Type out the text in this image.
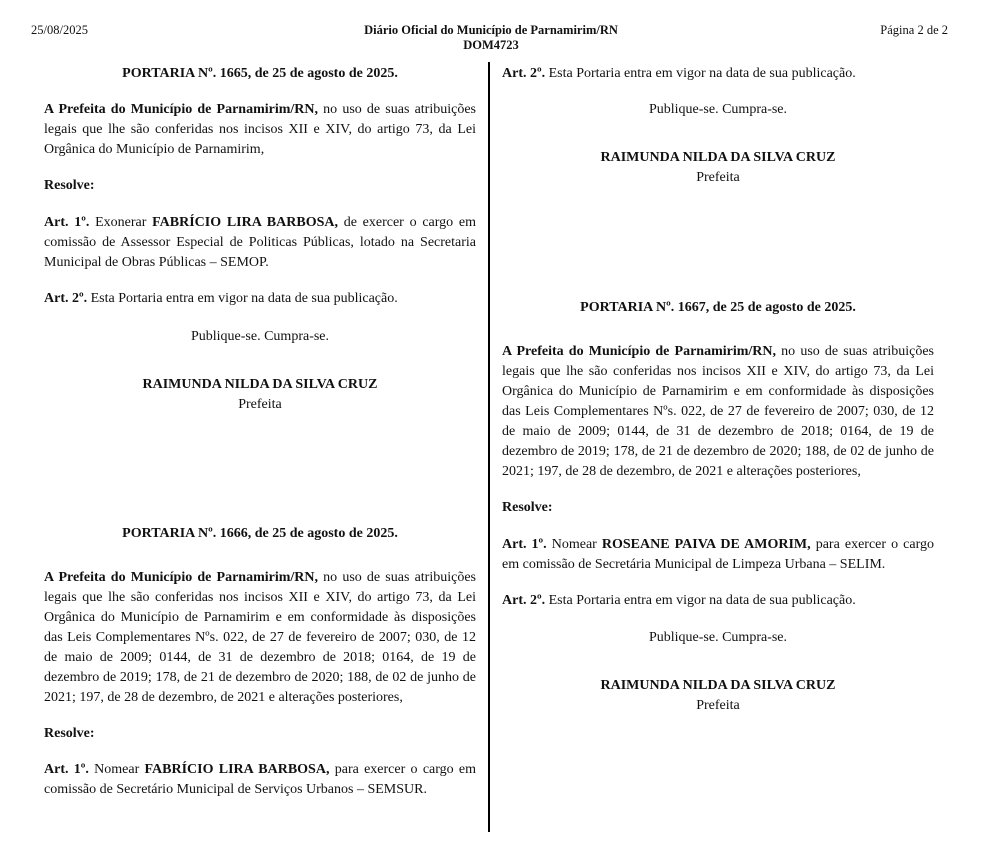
25/08/2025	Diário Oficial do Município de Parnamirim/RN
DOM4723
Página 2 de 2
PORTARIA Nº. 1665, de 25 de agosto de 2025.
A Prefeita do Município de Parnamirim/RN, no uso de suas atribuições legais que lhe são conferidas nos incisos XII e XIV, do artigo 73, da Lei Orgânica do Município de Parnamirim,
Resolve:
Art. 1º. Exonerar FABRÍCIO LIRA BARBOSA, de exercer o cargo em comissão de Assessor Especial de Politicas Públicas, lotado na Secretaria Municipal de Obras Públicas – SEMOP.
Art. 2º. Esta Portaria entra em vigor na data de sua publicação.
Publique-se. Cumpra-se.
RAIMUNDA NILDA DA SILVA CRUZ
Prefeita
PORTARIA Nº. 1666, de 25 de agosto de 2025.
A Prefeita do Município de Parnamirim/RN, no uso de suas atribuições legais que lhe são conferidas nos incisos XII e XIV, do artigo 73, da Lei Orgânica do Município de Parnamirim e em conformidade às disposições das Leis Complementares Nºs. 022, de 27 de fevereiro de 2007; 030, de 12 de maio de 2009; 0144, de 31 de dezembro de 2018; 0164, de 19 de dezembro de 2019; 178, de 21 de dezembro de 2020; 188, de 02 de junho de 2021; 197, de 28 de dezembro, de 2021 e alterações posteriores,
Resolve:
Art. 1º. Nomear FABRÍCIO LIRA BARBOSA, para exercer o cargo em comissão de Secretário Municipal de Serviços Urbanos – SEMSUR.
Art. 2º. Esta Portaria entra em vigor na data de sua publicação.
Publique-se. Cumpra-se.
RAIMUNDA NILDA DA SILVA CRUZ
Prefeita
PORTARIA Nº. 1667, de 25 de agosto de 2025.
A Prefeita do Município de Parnamirim/RN, no uso de suas atribuições legais que lhe são conferidas nos incisos XII e XIV, do artigo 73, da Lei Orgânica do Município de Parnamirim e em conformidade às disposições das Leis Complementares Nºs. 022, de 27 de fevereiro de 2007; 030, de 12 de maio de 2009; 0144, de 31 de dezembro de 2018; 0164, de 19 de dezembro de 2019; 178, de 21 de dezembro de 2020; 188, de 02 de junho de 2021; 197, de 28 de dezembro, de 2021 e alterações posteriores,
Resolve:
Art. 1º. Nomear ROSEANE PAIVA DE AMORIM, para exercer o cargo em comissão de Secretária Municipal de Limpeza Urbana – SELIM.
Art. 2º. Esta Portaria entra em vigor na data de sua publicação.
Publique-se. Cumpra-se.
RAIMUNDA NILDA DA SILVA CRUZ
Prefeita
